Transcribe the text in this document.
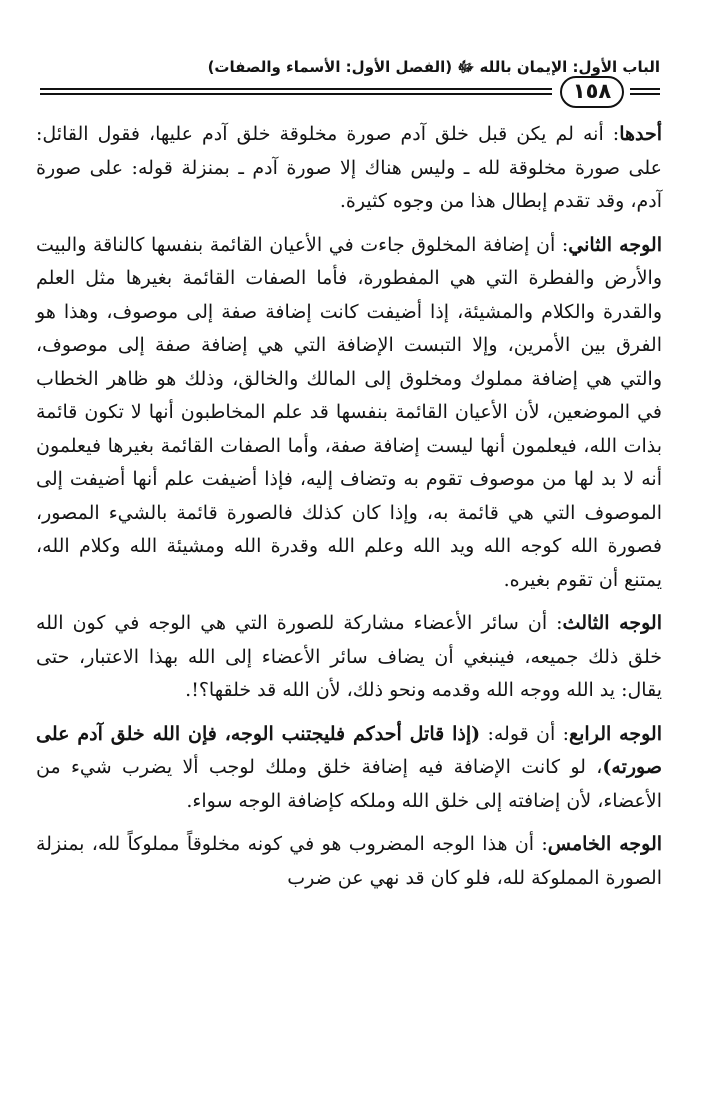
الباب الأول: الإيمان بالله ﷻ (الفصل الأول: الأسماء والصفات)
١٥٨

أحدها: أنه لم يكن قبل خلق آدم صورة مخلوقة خلق آدم عليها، فقول القائل: على صورة مخلوقة لله ـ وليس هناك إلا صورة آدم ـ بمنزلة قوله: على صورة آدم، وقد تقدم إبطال هذا من وجوه كثيرة.

الوجه الثاني: أن إضافة المخلوق جاءت في الأعيان القائمة بنفسها كالناقة والبيت والأرض والفطرة التي هي المفطورة، فأما الصفات القائمة بغيرها مثل العلم والقدرة والكلام والمشيئة، إذا أضيفت كانت إضافة صفة إلى موصوف، وهذا هو الفرق بين الأمرين، وإلا التبست الإضافة التي هي إضافة صفة إلى موصوف، والتي هي إضافة مملوك ومخلوق إلى المالك والخالق، وذلك هو ظاهر الخطاب في الموضعين، لأن الأعيان القائمة بنفسها قد علم المخاطبون أنها لا تكون قائمة بذات الله، فيعلمون أنها ليست إضافة صفة، وأما الصفات القائمة بغيرها فيعلمون أنه لا بد لها من موصوف تقوم به وتضاف إليه، فإذا أضيفت علم أنها أضيفت إلى الموصوف التي هي قائمة به، وإذا كان كذلك فالصورة قائمة بالشيء المصور، فصورة الله كوجه الله ويد الله وعلم الله وقدرة الله ومشيئة الله وكلام الله، يمتنع أن تقوم بغيره.

الوجه الثالث: أن سائر الأعضاء مشاركة للصورة التي هي الوجه في كون الله خلق ذلك جميعه، فينبغي أن يضاف سائر الأعضاء إلى الله بهذا الاعتبار، حتى يقال: يد الله ووجه الله وقدمه ونحو ذلك، لأن الله قد خلقها؟!.

الوجه الرابع: أن قوله: (إذا قاتل أحدكم فليجتنب الوجه، فإن الله خلق آدم على صورته)، لو كانت الإضافة فيه إضافة خلق وملك لوجب ألا يضرب شيء من الأعضاء، لأن إضافته إلى خلق الله وملكه كإضافة الوجه سواء.

الوجه الخامس: أن هذا الوجه المضروب هو في كونه مخلوقاً مملوكاً لله، بمنزلة الصورة المملوكة لله، فلو كان قد نهي عن ضرب
